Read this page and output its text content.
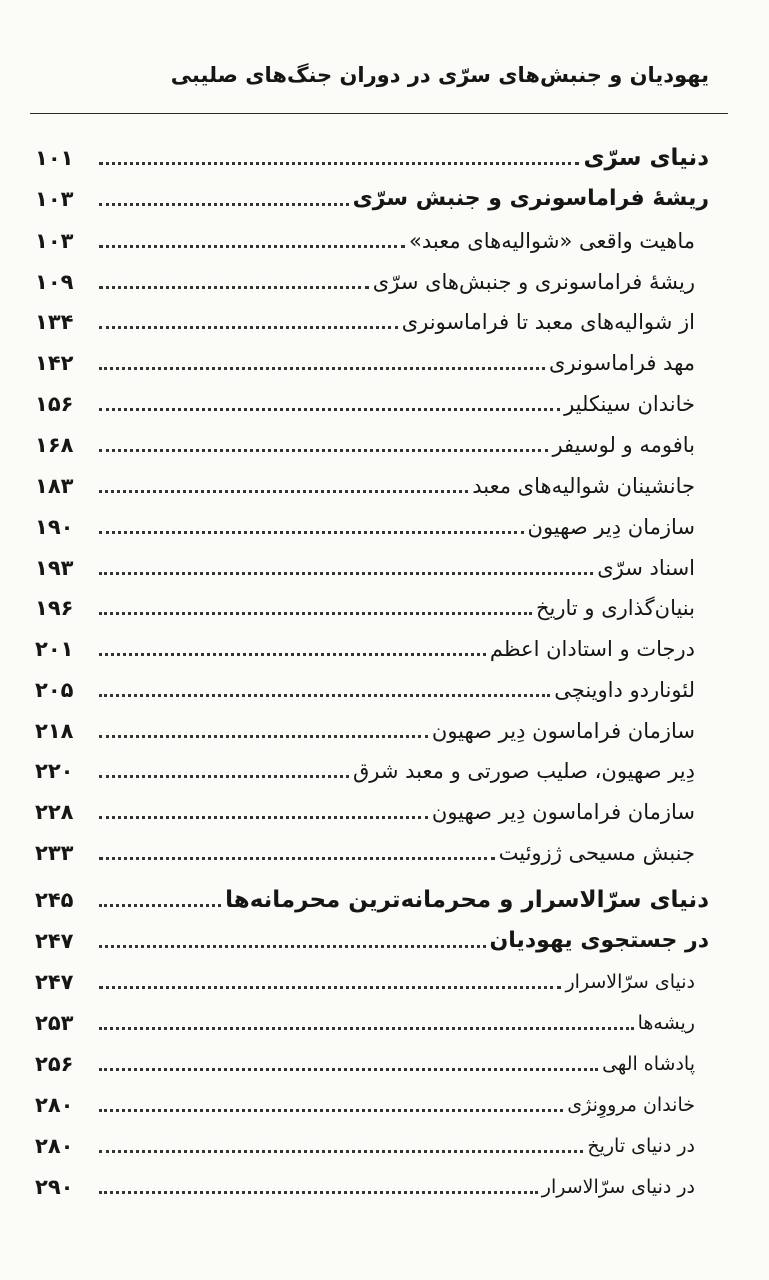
یهودیان و جنبش‌های سرّی در دوران جنگ‌های صلیبی
دنیای سرّی
۱۰۱
ریشهٔ فراماسونری و جنبش سرّی
۱۰۳
ماهیت واقعی «شوالیه‌های معبد»
۱۰۳
ریشهٔ فراماسونری و جنبش‌های سرّی
۱۰۹
از شوالیه‌های معبد تا فراماسونری
۱۳۴
مهد فراماسونری
۱۴۲
خاندان سینکلیر
۱۵۶
بافومه و لوسیفر
۱۶۸
جانشینان شوالیه‌های معبد
۱۸۳
سازمان دِیر صهیون
۱۹۰
اسناد سرّی
۱۹۳
بنیان‌گذاری و تاریخ
۱۹۶
درجات و استادان اعظم
۲۰۱
لئوناردو داوینچی
۲۰۵
سازمان فراماسون دِیر صهیون
۲۱۸
دِیر صهیون، صلیب صورتی و معبد شرق
۲۲۰
سازمان فراماسون دِیر صهیون
۲۲۸
جنبش مسیحی ژزوئیت
۲۳۳
دنیای سرّالاسرار و محرمانه‌ترین محرمانه‌ها
۲۴۵
در جستجوی یهودیان
۲۴۷
دنیای سرّالاسرار
۲۴۷
ریشه‌ها
۲۵۳
پادشاه الهی
۲۵۶
خاندان مرووِنژی
۲۸۰
در دنیای تاریخ
۲۸۰
در دنیای سرّالاسرار
۲۹۰
